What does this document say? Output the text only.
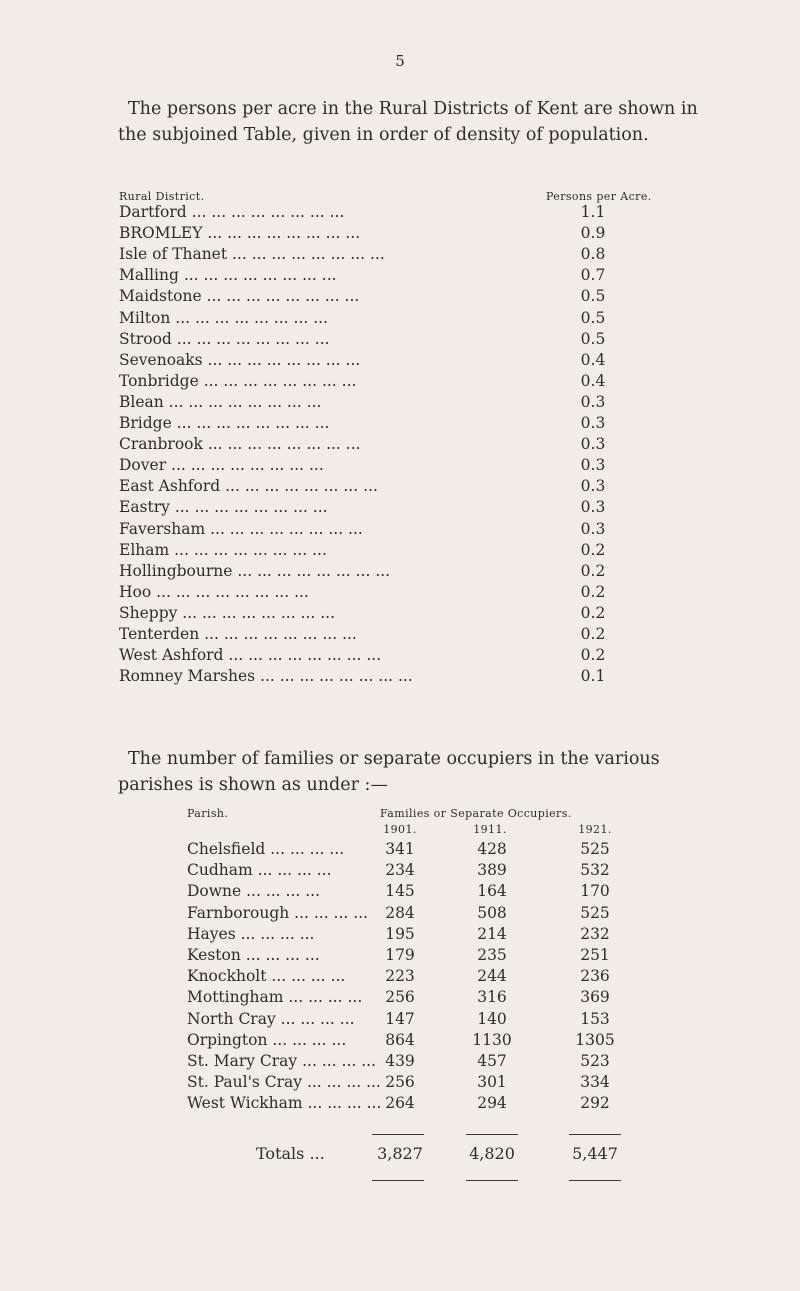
5
The persons per acre in the Rural Districts of Kent are shown in the subjoined Table, given in order of density of population.
Rural District.	Persons per Acre.
Dartford ... ... ... ... ... ... ... ...	1.1
BROMLEY ... ... ... ... ... ... ... ...	0.9
Isle of Thanet ... ... ... ... ... ... ... ...	0.8
Malling ... ... ... ... ... ... ... ...	0.7
Maidstone ... ... ... ... ... ... ... ...	0.5
Milton ... ... ... ... ... ... ... ...	0.5
Strood ... ... ... ... ... ... ... ...	0.5
Sevenoaks ... ... ... ... ... ... ... ...	0.4
Tonbridge ... ... ... ... ... ... ... ...	0.4
Blean ... ... ... ... ... ... ... ...	0.3
Bridge ... ... ... ... ... ... ... ...	0.3
Cranbrook ... ... ... ... ... ... ... ...	0.3
Dover ... ... ... ... ... ... ... ...	0.3
East Ashford ... ... ... ... ... ... ... ...	0.3
Eastry ... ... ... ... ... ... ... ...	0.3
Faversham ... ... ... ... ... ... ... ...	0.3
Elham ... ... ... ... ... ... ... ...	0.2
Hollingbourne ... ... ... ... ... ... ... ...	0.2
Hoo ... ... ... ... ... ... ... ...	0.2
Sheppy ... ... ... ... ... ... ... ...	0.2
Tenterden ... ... ... ... ... ... ... ...	0.2
West Ashford ... ... ... ... ... ... ... ...	0.2
Romney Marshes ... ... ... ... ... ... ... ...	0.1
The number of families or separate occupiers in the various parishes is shown as under :—
Parish.	Families or Separate Occupiers.
1901.	1911.	1921.
Chelsfield ... ... ... ...	341	428	525
Cudham ... ... ... ...	234	389	532
Downe ... ... ... ...	145	164	170
Farnborough ... ... ... ...	284	508	525
Hayes ... ... ... ...	195	214	232
Keston ... ... ... ...	179	235	251
Knockholt ... ... ... ...	223	244	236
Mottingham ... ... ... ...	256	316	369
North Cray ... ... ... ...	147	140	153
Orpington ... ... ... ...	864	1130	1305
St. Mary Cray ... ... ... ... 439	457	523
St. Paul's Cray ... ... ... ... 256	301	334
West Wickham ... ... ... ... 264	294	292
Totals ...	3,827	4,820	5,447
